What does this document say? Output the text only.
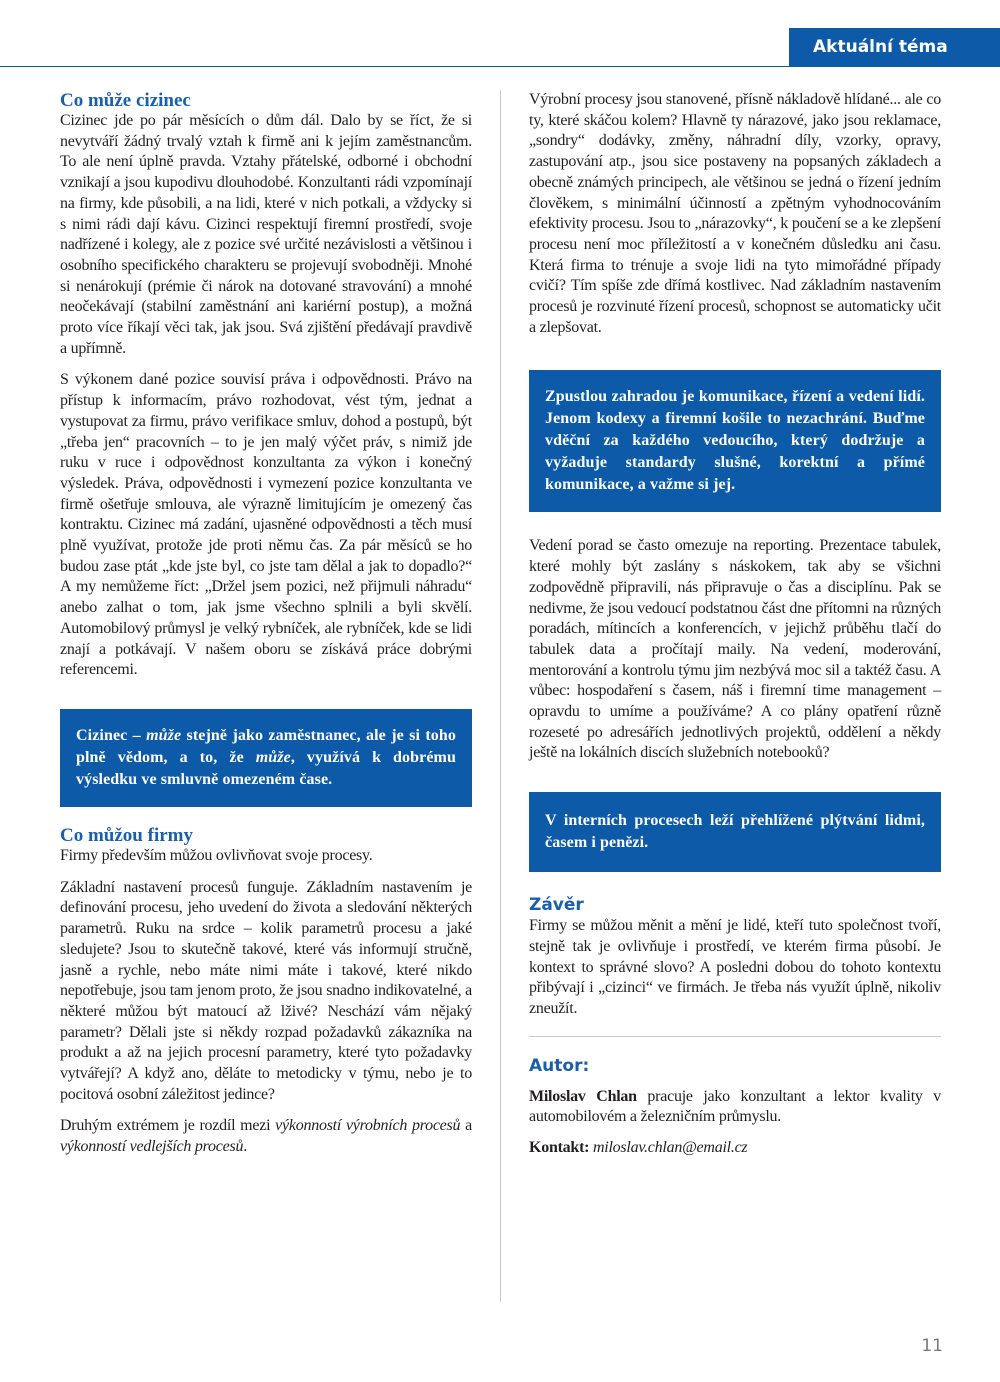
Aktuální téma
Co může cizinec

Cizinec jde po pár měsících o dům dál. Dalo by se říct, že si nevytváří žádný trvalý vztah k firmě ani k jejím zaměstnancům. To ale není úplně pravda. Vztahy přátelské, odborné i obchodní vznikají a jsou kupodivu dlouhodobé. Konzultanti rádi vzpomínají na firmy, kde působili, a na lidi, které v nich potkali, a vždycky si s nimi rádi dají kávu. Cizinci respektují firemní prostředí, svoje nadřízené i kolegy, ale z pozice své určité nezávislosti a většinou i osobního specifického charakteru se projevují svobodněji. Mnohé si nenárokují (prémie či nárok na dotované stravování) a mnohé neočekávají (stabilní zaměstnání ani kariérní postup), a možná proto více říkají věci tak, jak jsou. Svá zjištění předávají pravdivě a upřímně.

S výkonem dané pozice souvisí práva i odpovědnosti. Právo na přístup k informacím, právo rozhodovat, vést tým, jednat a vystupovat za firmu, právo verifikace smluv, dohod a postupů, být „třeba jen“ pracovních – to je jen malý výčet práv, s nimiž jde ruku v ruce i odpovědnost konzultanta za výkon i konečný výsledek. Práva, odpovědnosti i vymezení pozice konzultanta ve firmě ošetřuje smlouva, ale výrazně limitujícím je omezený čas kontraktu. Cizinec má zadání, ujasněné odpovědnosti a těch musí plně využívat, protože jde proti němu čas. Za pár měsíců se ho budou zase ptát „kde jste byl, co jste tam dělal a jak to dopadlo?“ A my nemůžeme říct: „Držel jsem pozici, než přijmuli náhradu“ anebo zalhat o tom, jak jsme všechno splnili a byli skvělí. Automobilový průmysl je velký rybníček, ale rybníček, kde se lidi znají a potkávají. V našem oboru se získává práce dobrými referencemi.

Cizinec – může stejně jako zaměstnanec, ale je si toho plně vědom, a to, že může, využívá k dobrému výsledku ve smluvně omezeném čase.
Co můžou firmy

Firmy především můžou ovlivňovat svoje procesy.

Základní nastavení procesů funguje. Základním nastavením je definování procesu, jeho uvedení do života a sledování některých parametrů. Ruku na srdce – kolik parametrů procesu a jaké sledujete? Jsou to skutečně takové, které vás informují stručně, jasně a rychle, nebo máte nimi máte i takové, které nikdo nepotřebuje, jsou tam jenom proto, že jsou snadno indikovatelné, a některé můžou být matoucí až lživé? Neschází vám nějaký parametr? Dělali jste si někdy rozpad požadavků zákazníka na produkt a až na jejich procesní parametry, které tyto požadavky vytvářejí? A když ano, děláte to metodicky v týmu, nebo je to pocitová osobní záležitost jedince?

Druhým extrémem je rozdíl mezi výkonností výrobních procesů a výkonností vedlejších procesů.

Výrobní procesy jsou stanovené, přísně nákladově hlídané... ale co ty, které skáčou kolem? Hlavně ty nárazové, jako jsou reklamace, „sondry“ dodávky, změny, náhradní díly, vzorky, opravy, zastupování atp., jsou sice postaveny na popsaných základech a obecně známých principech, ale většinou se jedná o řízení jedním člověkem, s minimální účinností a zpětným vyhodnocováním efektivity procesu. Jsou to „nárazovky“, k poučení se a ke zlepšení procesu není moc příležitostí a v konečném důsledku ani času. Která firma to trénuje a svoje lidi na tyto mimořádné případy cvičí? Tím spíše zde dřímá kostlivec. Nad základním nastavením procesů je rozvinuté řízení procesů, schopnost se automaticky učit a zlepšovat.

Zpustlou zahradou je komunikace, řízení a vedení lidí. Jenom kodexy a firemní košile to nezachrání. Buďme vděční za každého vedoucího, který dodržuje a vyžaduje standardy slušné, korektní a přímé komunikace, a važme si jej.

Vedení porad se často omezuje na reporting. Prezentace tabulek, které mohly být zaslány s náskokem, tak aby se všichni zodpovědně připravili, nás připravuje o čas a disciplínu. Pak se nedivme, že jsou vedoucí podstatnou část dne přítomni na různých poradách, mítincích a konferencích, v jejichž průběhu tlačí do tabulek data a pročítají maily. Na vedení, moderování, mentorování a kontrolu týmu jim nezbývá moc sil a taktéž času. A vůbec: hospodaření s časem, náš i firemní time management – opravdu to umíme a používáme? A co plány opatření různě rozeseté po adresářích jednotlivých projektů, oddělení a někdy ještě na lokálních discích služebních notebooků?

V interních procesech leží přehlížené plýtvání lidmi, časem i penězi.
Závěr

Firmy se můžou měnit a mění je lidé, kteří tuto společnost tvoří, stejně tak je ovlivňuje i prostředí, ve kterém firma působí. Je kontext to správné slovo? A posledni dobou do tohoto kontextu přibývají i „cizinci“ ve firmách. Je třeba nás využít úplně, nikoliv zneužít.

Autor:

Miloslav Chlan pracuje jako konzultant a lektor kvality v automobilovém a železničním průmyslu.

Kontakt: miloslav.chlan@email.cz

11
